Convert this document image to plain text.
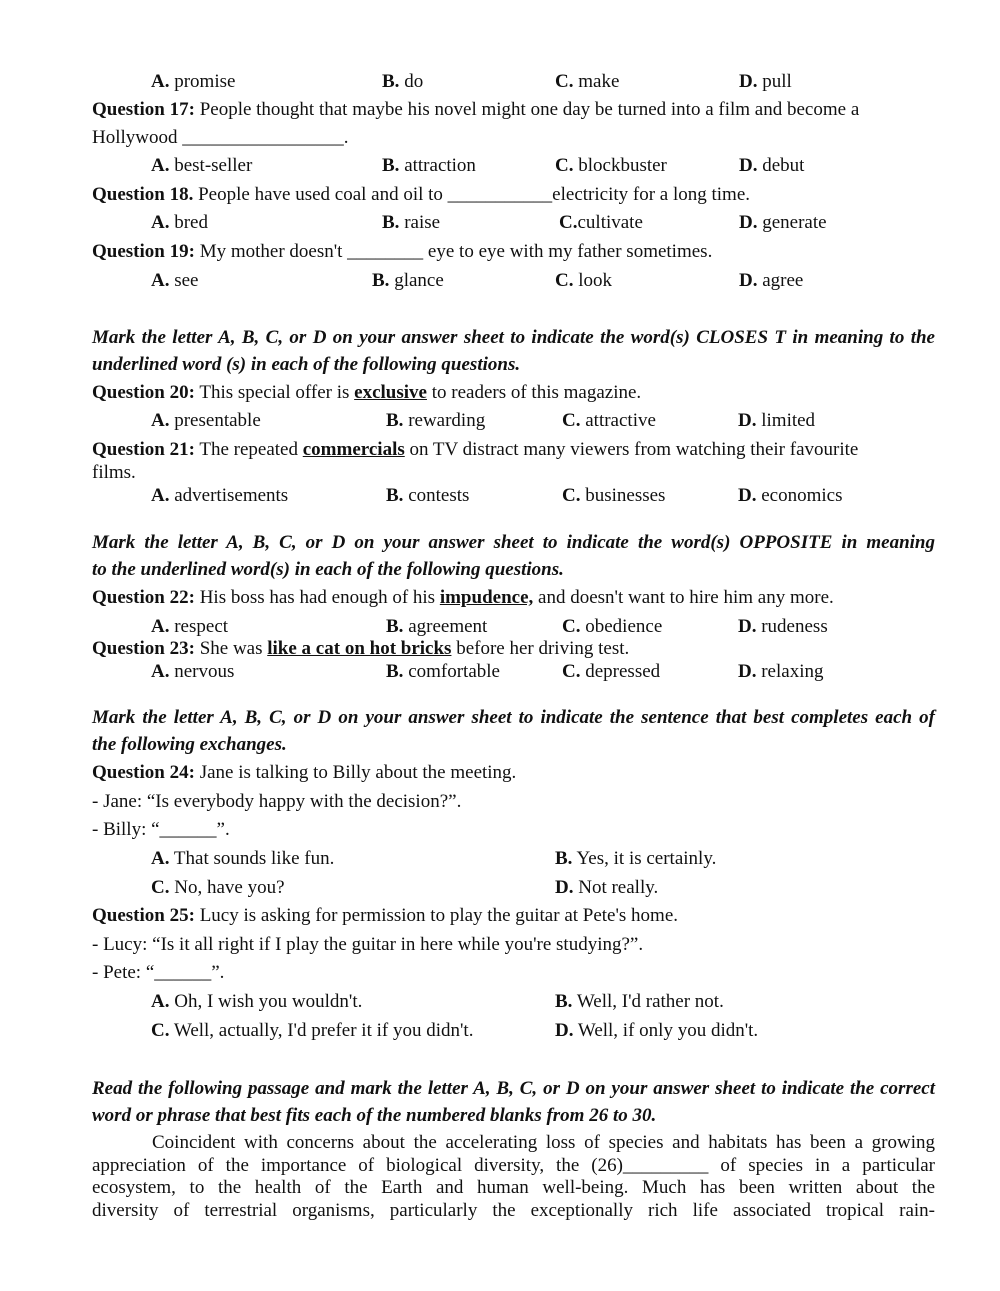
A. promise	B. do	C. make	D. pull
Question 17: People thought that maybe his novel might one day be turned into a film and become a
Hollywood _________________.
A. best-seller	B. attraction	C. blockbuster	D. debut
Question 18. People have used coal and oil to ___________electricity for a long time.
A. bred	B. raise	C.cultivate	D. generate
Question 19: My mother doesn't ________ eye to eye with my father sometimes.
A. see	B. glance	C. look	D. agree
Mark the letter A, B, C, or D on your answer sheet to indicate the word(s) CLOSES T in meaning to the
underlined word (s) in each of the following questions.
Question 20: This special offer is exclusive to readers of this magazine.
A. presentable	B. rewarding	C. attractive	D. limited
Question 21: The repeated commercials on TV distract many viewers from watching their favourite
films.
A. advertisements	B. contests	C. businesses	D. economics
Mark the letter A, B, C, or D on your answer sheet to indicate the word(s) OPPOSITE in meaning
to the underlined word(s) in each of the following questions.
Question 22: His boss has had enough of his impudence, and doesn't want to hire him any more.
A. respect	B. agreement	C. obedience	D. rudeness
Question 23: She was like a cat on hot bricks before her driving test.
A. nervous	B. comfortable	C. depressed	D. relaxing
Mark the letter A, B, C, or D on your answer sheet to indicate the sentence that best completes each of
the following exchanges.
Question 24: Jane is talking to Billy about the meeting.
- Jane: “Is everybody happy with the decision?”.
- Billy: “______”.
A. That sounds like fun.	B. Yes, it is certainly.
C. No, have you?	D. Not really.
Question 25: Lucy is asking for permission to play the guitar at Pete's home.
- Lucy: “Is it all right if I play the guitar in here while you're studying?”.
- Pete: “______”.
A. Oh, I wish you wouldn't.	B. Well, I'd rather not.
C. Well, actually, I'd prefer it if you didn't.	D. Well, if only you didn't.
Read the following passage and mark the letter A, B, C, or D on your answer sheet to indicate the correct
word or phrase that best fits each of the numbered blanks from 26 to 30.
Coincident with concerns about the accelerating loss of species and habitats has been a growing
appreciation of the importance of biological diversity, the (26)_________ of species in a particular
ecosystem, to the health of the Earth and human well-being. Much has been written about the
diversity of terrestrial organisms, particularly the exceptionally rich life associated tropical rain-
